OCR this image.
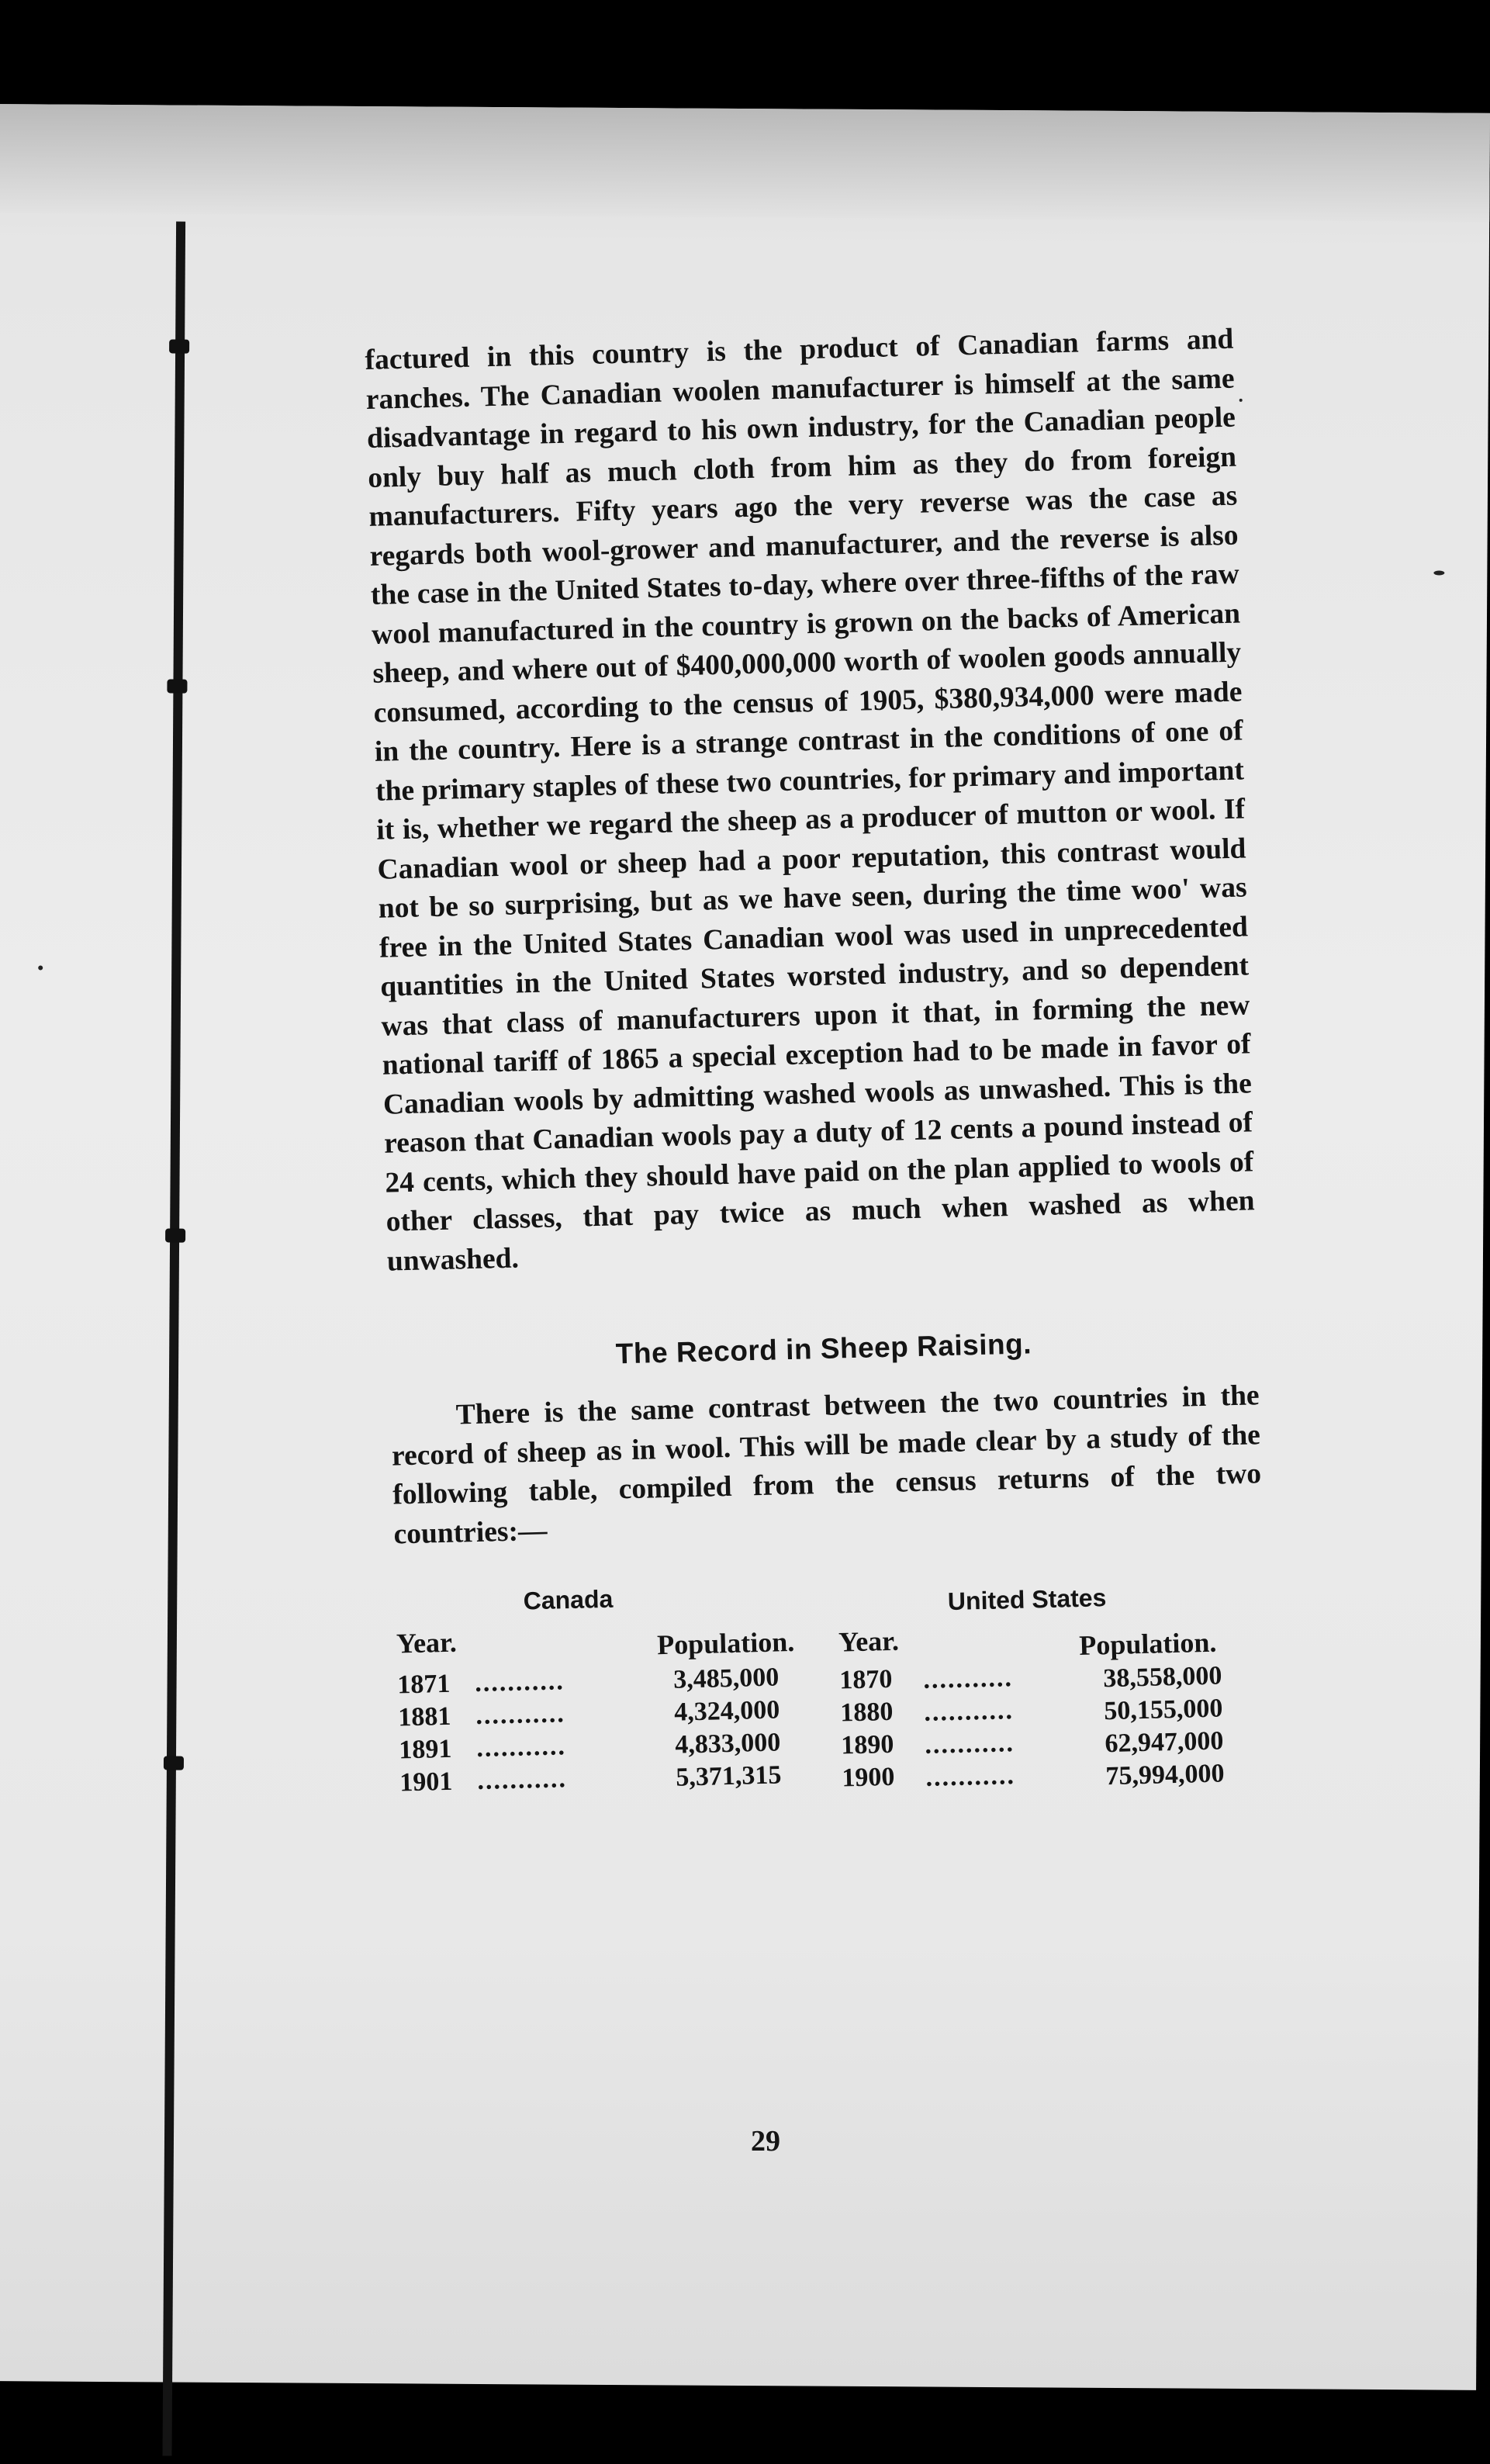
factured in this country is the product of Canadian farms and ranches. The Canadian woolen manufacturer is himself at the same disadvantage in regard to his own industry, for the Canadian people only buy half as much cloth from him as they do from foreign manufacturers. Fifty years ago the very reverse was the case as regards both wool-grower and manufacturer, and the reverse is also the case in the United States to-day, where over three-fifths of the raw wool manufactured in the country is grown on the backs of American sheep, and where out of $400,000,000 worth of woolen goods annually consumed, according to the census of 1905, $380,934,000 were made in the country. Here is a strange contrast in the conditions of one of the primary staples of these two countries, for primary and important it is, whether we regard the sheep as a producer of mutton or wool. If Canadian wool or sheep had a poor reputation, this contrast would not be so surprising, but as we have seen, during the time woo' was free in the United States Canadian wool was used in unprecedented quantities in the United States worsted industry, and so dependent was that class of manufacturers upon it that, in forming the new national tariff of 1865 a special exception had to be made in favor of Canadian wools by admitting washed wools as unwashed. This is the reason that Canadian wools pay a duty of 12 cents a pound instead of 24 cents, which they should have paid on the plan applied to wools of other classes, that pay twice as much when washed as when unwashed.

The Record in Sheep Raising.

There is the same contrast between the two countries in the record of sheep as in wool. This will be made clear by a study of the following table, compiled from the census returns of the two countries:—

Canada	United States
Year.	Population. Year.	Population.
1871 ...........	3,485,000 1870 ...........	38,558,000
1881 ...........	4,324,000 1880 ...........	50,155,000
1891 ...........	4,833,000 1890 ...........	62,947,000
1901 ...........	5,371,315 1900 ...........	75,994,000
29
